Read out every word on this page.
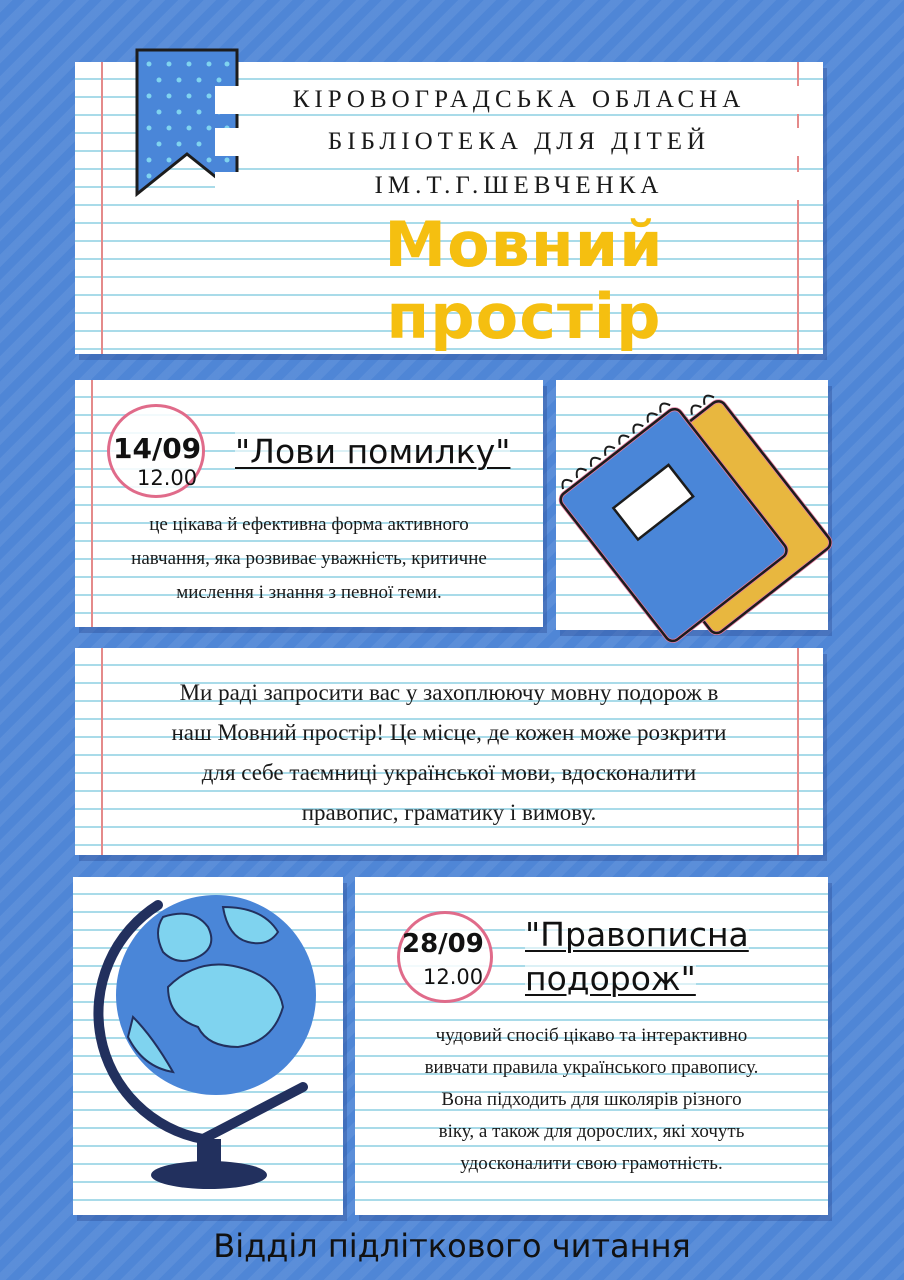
КІРОВОГРАДСЬКА ОБЛАСНА
БІБЛІОТЕКА ДЛЯ ДІТЕЙ
ІМ.Т.Г.ШЕВЧЕНКА
Мовний
простір
14/09
12.00
"Лови помилку"
це цікава й ефективна форма активного
навчання, яка розвиває уважність, критичне
мислення і знання з певної теми.
Ми раді запросити вас у захоплюючу мовну подорож в
наш Мовний простір! Це місце, де кожен може розкрити
для себе таємниці української мови, вдосконалити
правопис, граматику і вимову.
28/09
12.00
"Правописна
подорож"
чудовий спосіб цікаво та інтерактивно
вивчати правила українського правопису.
Вона підходить для школярів різного
віку, а також для дорослих, які хочуть
удосконалити свою грамотність.
Відділ підліткового читання
